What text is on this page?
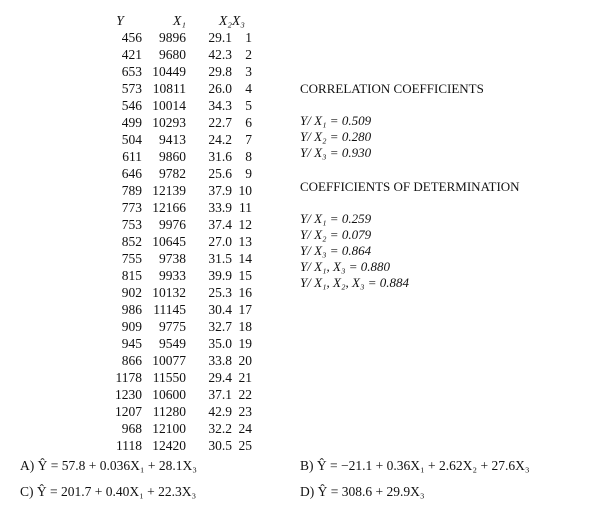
Y	X₁	X₂	X₃
456	9896	29.1	1
421	9680	42.3	2
653	10449	29.8	3
573	10811	26.0	4
546	10014	34.3	5
499	10293	22.7	6
504	9413	24.2	7
611	9860	31.6	8
646	9782	25.6	9
789	12139	37.9	10
773	12166	33.9	11
753	9976	37.4	12
852	10645	27.0	13
755	9738	31.5	14
815	9933	39.9	15
902	10132	25.3	16
986	11145	30.4	17
909	9775	32.7	18
945	9549	35.0	19
866	10077	33.8	20
1178	11550	29.4	21
1230	10600	37.1	22
1207	11280	42.9	23
968	12100	32.2	24
1118	12420	30.5	25

CORRELATION COEFFICIENTS

Y/ X₁ = 0.509

Y/ X₂ = 0.280

Y/ X₃ = 0.930

COEFFICIENTS OF DETERMINATION

Y/ X₁ = 0.259

Y/ X₂ = 0.079

Y/ X₃ = 0.864

Y/ X₁, X₃ = 0.880

Y/ X₁, X₂, X₃ = 0.884

A) Ŷ = 57.8 + 0.036X₁ + 28.1X₃	B) Ŷ = −21.1 + 0.36X₁ + 2.62X₂ + 27.6X₃
C) Ŷ = 201.7 + 0.40X₁ + 22.3X₃	D) Ŷ = 308.6 + 29.9X₃
